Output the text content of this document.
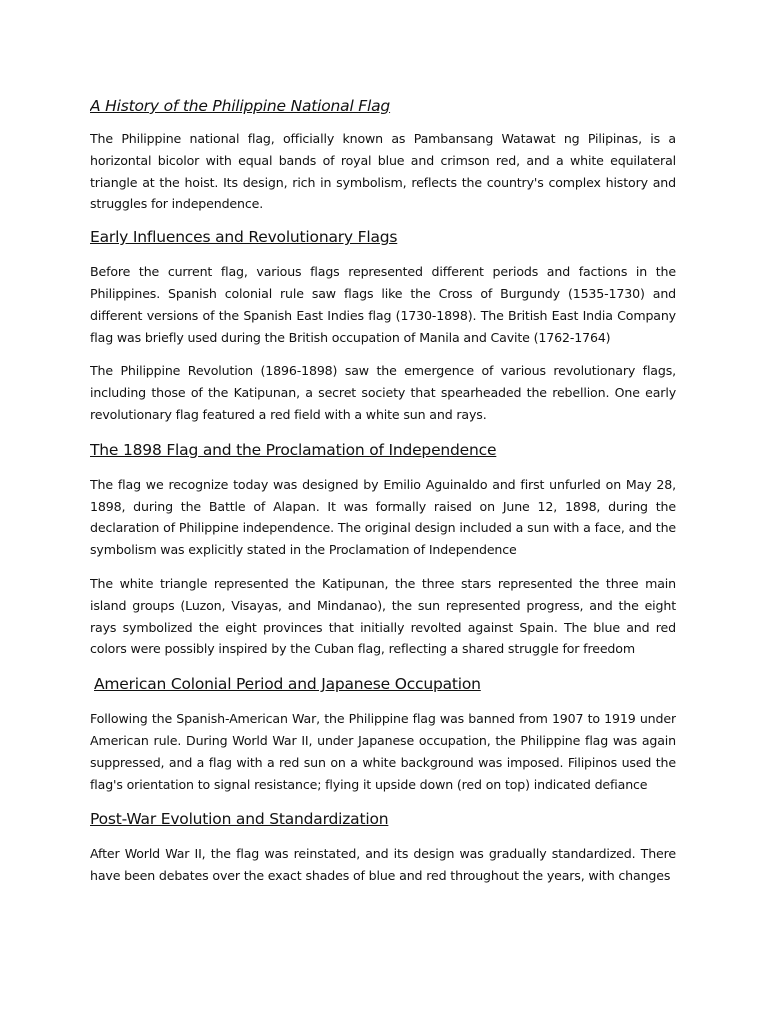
A History of the Philippine National Flag

The Philippine national flag, officially known as Pambansang Watawat ng Pilipinas, is a horizontal bicolor with equal bands of royal blue and crimson red, and a white equilateral triangle at the hoist. Its design, rich in symbolism, reflects the country's complex history and struggles for independence.

Early Influences and Revolutionary Flags

Before the current flag, various flags represented different periods and factions in the Philippines. Spanish colonial rule saw flags like the Cross of Burgundy (1535-1730) and different versions of the Spanish East Indies flag (1730-1898). The British East India Company flag was briefly used during the British occupation of Manila and Cavite (1762-1764)

The Philippine Revolution (1896-1898) saw the emergence of various revolutionary flags, including those of the Katipunan, a secret society that spearheaded the rebellion. One early revolutionary flag featured a red field with a white sun and rays.

The 1898 Flag and the Proclamation of Independence

The flag we recognize today was designed by Emilio Aguinaldo and first unfurled on May 28, 1898, during the Battle of Alapan. It was formally raised on June 12, 1898, during the declaration of Philippine independence. The original design included a sun with a face, and the symbolism was explicitly stated in the Proclamation of Independence

The white triangle represented the Katipunan, the three stars represented the three main island groups (Luzon, Visayas, and Mindanao), the sun represented progress, and the eight rays symbolized the eight provinces that initially revolted against Spain. The blue and red colors were possibly inspired by the Cuban flag, reflecting a shared struggle for freedom

American Colonial Period and Japanese Occupation

Following the Spanish-American War, the Philippine flag was banned from 1907 to 1919 under American rule. During World War II, under Japanese occupation, the Philippine flag was again suppressed, and a flag with a red sun on a white background was imposed. Filipinos used the flag's orientation to signal resistance; flying it upside down (red on top) indicated defiance

Post-War Evolution and Standardization

After World War II, the flag was reinstated, and its design was gradually standardized. There have been debates over the exact shades of blue and red throughout the years, with changes
